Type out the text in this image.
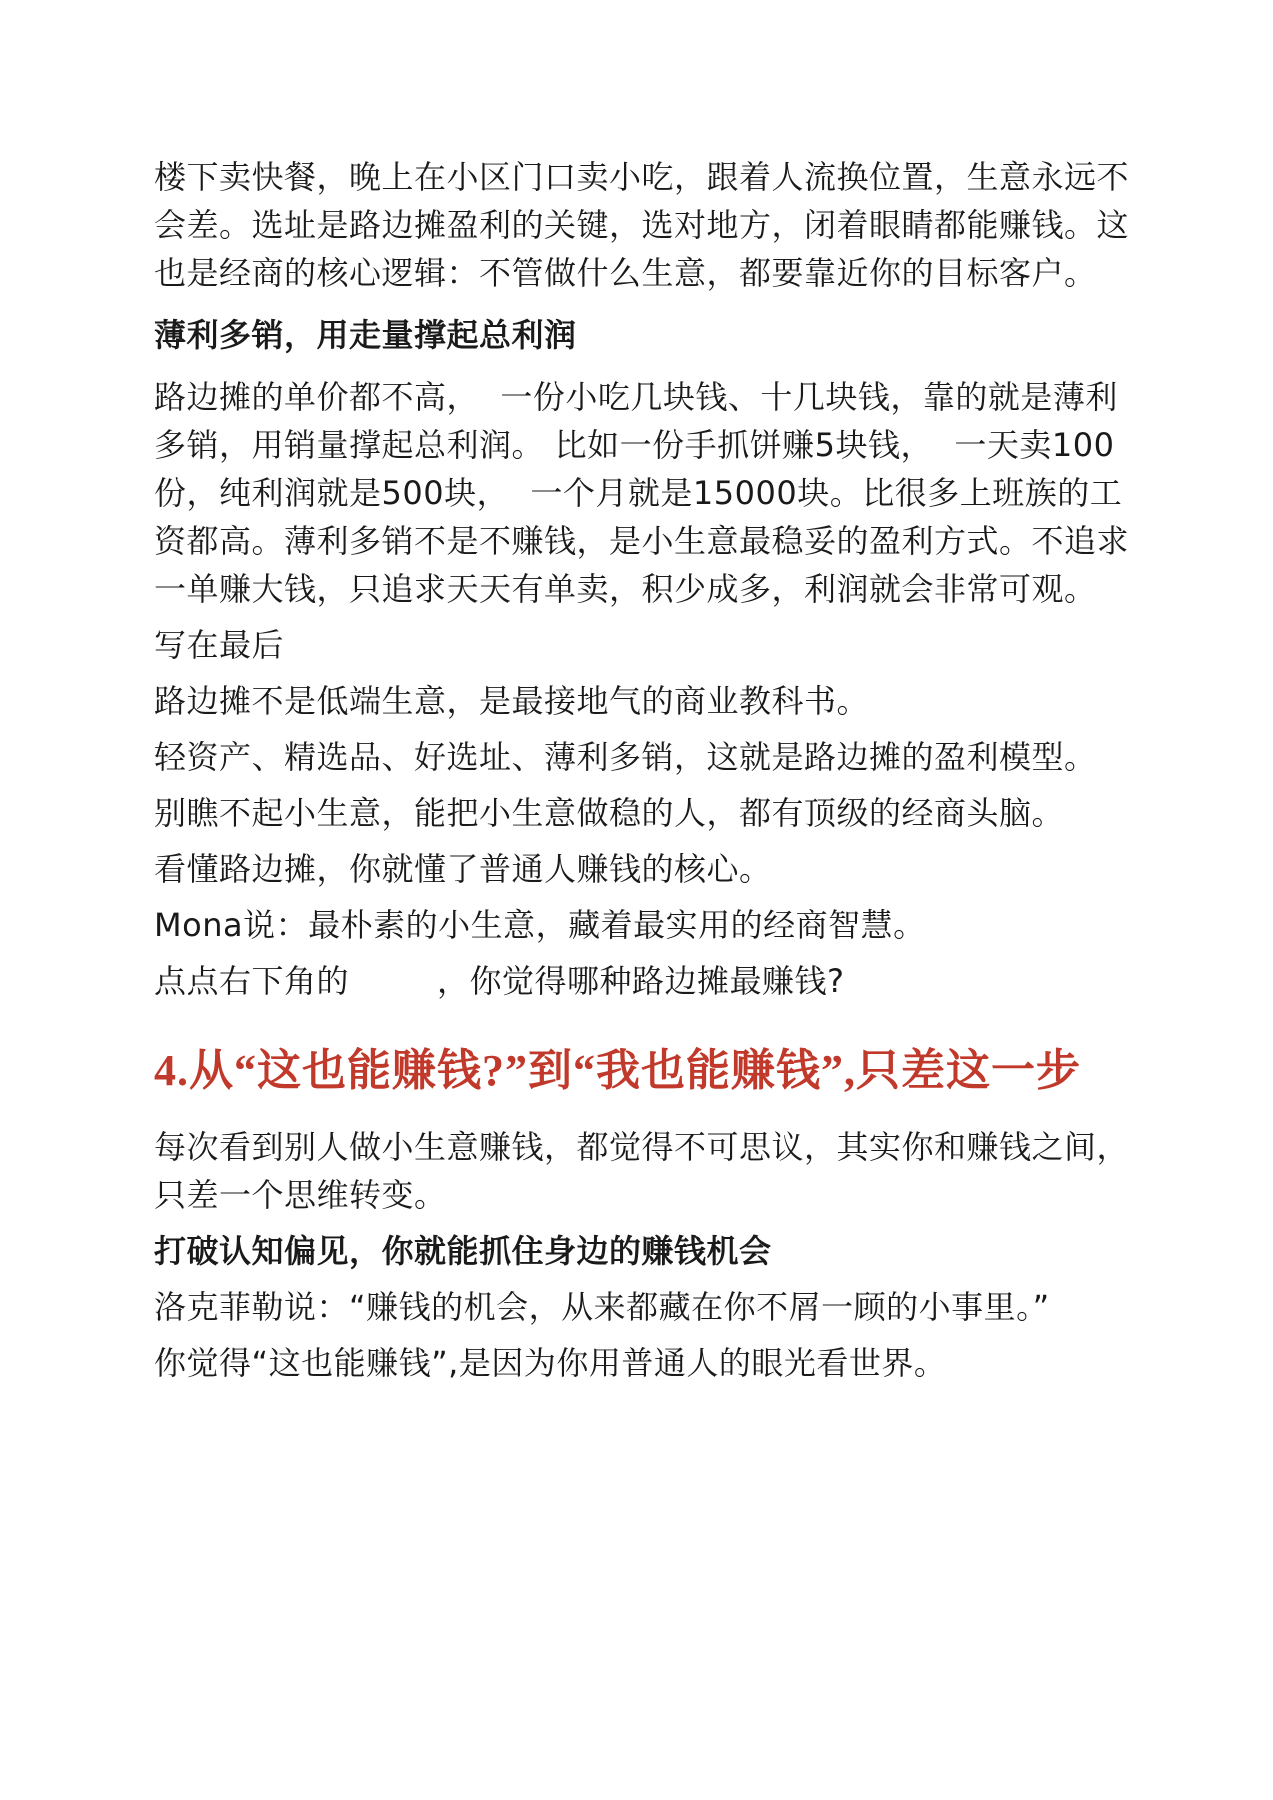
楼下卖快餐，晚上在小区门口卖小吃，跟着人流换位置，生意永远不会差。选址是路边摊盈利的关键，选对地方，闭着眼睛都能赚钱。这也是经商的核心逻辑：不管做什么生意，都要靠近你的目标客户。

薄利多销，用走量撑起总利润

路边摊的单价都不高，  一份小吃几块钱、十几块钱，靠的就是薄利多销，用销量撑起总利润。 比如一份手抓饼赚5块钱，  一天卖100份，纯利润就是500块，  一个月就是15000块。比很多上班族的工资都高。薄利多销不是不赚钱，是小生意最稳妥的盈利方式。不追求一单赚大钱，只追求天天有单卖，积少成多，利润就会非常可观。

写在最后

路边摊不是低端生意，是最接地气的商业教科书。

轻资产、精选品、好选址、薄利多销，这就是路边摊的盈利模型。

别瞧不起小生意，能把小生意做稳的人，都有顶级的经商头脑。

看懂路边摊，你就懂了普通人赚钱的核心。

Mona说：最朴素的小生意，藏着最实用的经商智慧。

点点右下角的	，你觉得哪种路边摊最赚钱?

4.从“这也能赚钱?”到“我也能赚钱”,只差这一步

每次看到别人做小生意赚钱，都觉得不可思议，其实你和赚钱之间，只差一个思维转变。

打破认知偏见，你就能抓住身边的赚钱机会

洛克菲勒说：“赚钱的机会，从来都藏在你不屑一顾的小事里。”

你觉得“这也能赚钱”,是因为你用普通人的眼光看世界。
